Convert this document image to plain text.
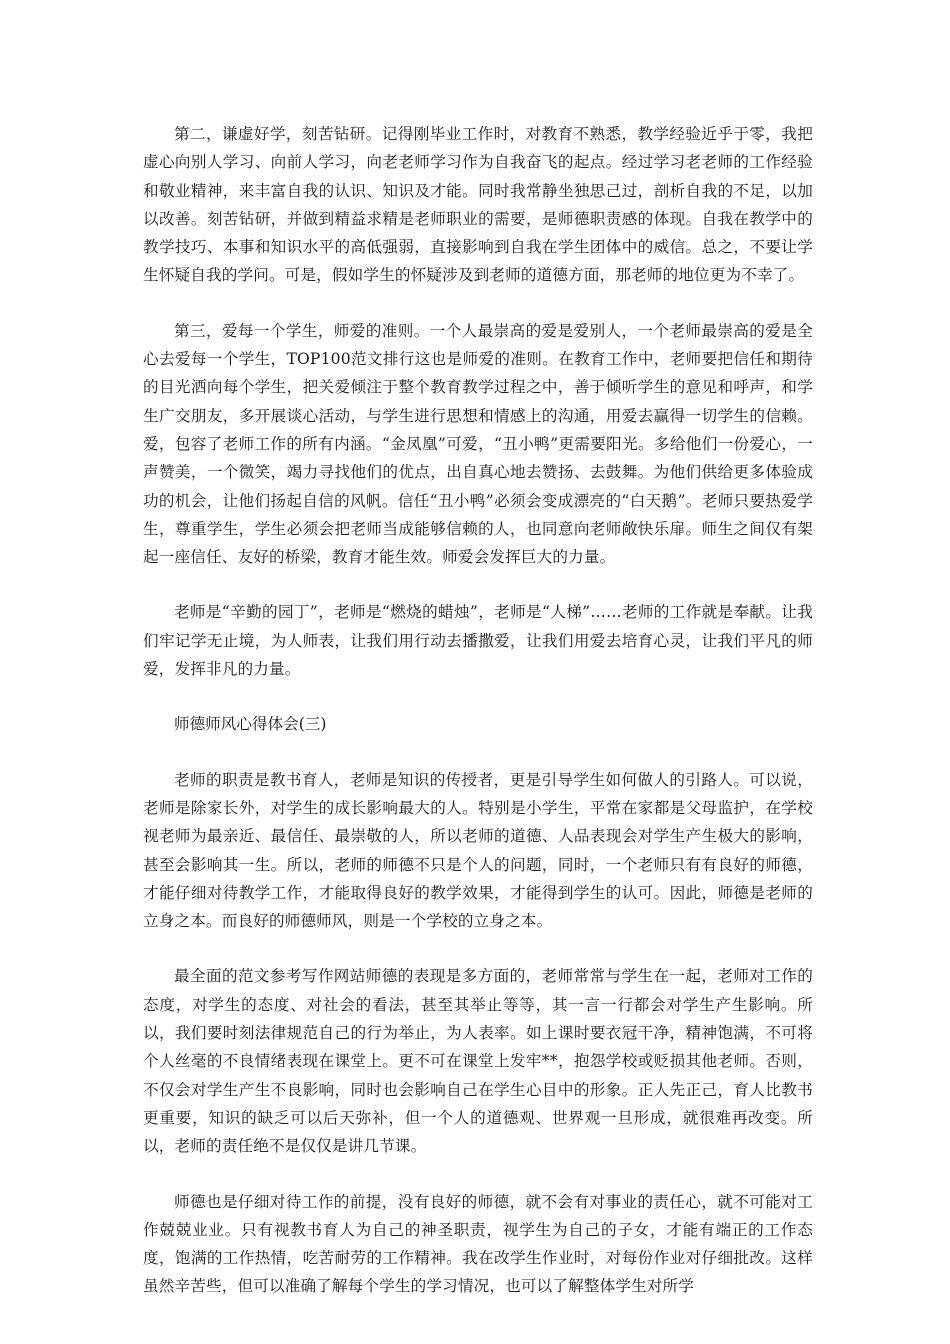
第二，谦虚好学，刻苦钻研。记得刚毕业工作时，对教育不熟悉，教学经验近乎于零，我把虚心向别人学习、向前人学习，向老老师学习作为自我奋飞的起点。经过学习老老师的工作经验和敬业精神，来丰富自我的认识、知识及才能。同时我常静坐独思己过，剖析自我的不足，以加以改善。刻苦钻研，并做到精益求精是老师职业的需要，是师德职责感的体现。自我在教学中的教学技巧、本事和知识水平的高低强弱，直接影响到自我在学生团体中的威信。总之，不要让学生怀疑自我的学问。可是，假如学生的怀疑涉及到老师的道德方面，那老师的地位更为不幸了。

第三，爱每一个学生，师爱的准则。一个人最崇高的爱是爱别人，一个老师最崇高的爱是全心去爱每一个学生，TOP100范文排行这也是师爱的准则。在教育工作中，老师要把信任和期待的目光洒向每个学生，把关爱倾注于整个教育教学过程之中，善于倾听学生的意见和呼声，和学生广交朋友，多开展谈心活动，与学生进行思想和情感上的沟通，用爱去赢得一切学生的信赖。爱，包容了老师工作的所有内涵。“金凤凰”可爱，“丑小鸭”更需要阳光。多给他们一份爱心，一声赞美，一个微笑，竭力寻找他们的优点，出自真心地去赞扬、去鼓舞。为他们供给更多体验成功的机会，让他们扬起自信的风帆。信任“丑小鸭”必须会变成漂亮的“白天鹅”。老师只要热爱学生，尊重学生，学生必须会把老师当成能够信赖的人，也同意向老师敞快乐扉。师生之间仅有架起一座信任、友好的桥梁，教育才能生效。师爱会发挥巨大的力量。

老师是“辛勤的园丁”，老师是“燃烧的蜡烛”，老师是“人梯”……老师的工作就是奉献。让我们牢记学无止境，为人师表，让我们用行动去播撒爱，让我们用爱去培育心灵，让我们平凡的师爱，发挥非凡的力量。

师德师风心得体会(三)

老师的职责是教书育人，老师是知识的传授者，更是引导学生如何做人的引路人。可以说，老师是除家长外，对学生的成长影响最大的人。特别是小学生，平常在家都是父母监护，在学校视老师为最亲近、最信任、最崇敬的人，所以老师的道德、人品表现会对学生产生极大的影响，甚至会影响其一生。所以，老师的师德不只是个人的问题，同时，一个老师只有有良好的师德，才能仔细对待教学工作，才能取得良好的教学效果，才能得到学生的认可。因此，师德是老师的立身之本。而良好的师德师风，则是一个学校的立身之本。

最全面的范文参考写作网站师德的表现是多方面的，老师常常与学生在一起，老师对工作的态度，对学生的态度、对社会的看法，甚至其举止等等，其一言一行都会对学生产生影响。所以，我们要时刻法律规范自己的行为举止，为人表率。如上课时要衣冠干净，精神饱满，不可将个人丝毫的不良情绪表现在课堂上。更不可在课堂上发牢**，抱怨学校或贬损其他老师。否则，不仅会对学生产生不良影响，同时也会影响自己在学生心目中的形象。正人先正己，育人比教书更重要，知识的缺乏可以后天弥补，但一个人的道德观、世界观一旦形成，就很难再改变。所以，老师的责任绝不是仅仅是讲几节课。

师德也是仔细对待工作的前提，没有良好的师德，就不会有对事业的责任心，就不可能对工作兢兢业业。只有视教书育人为自己的神圣职责，视学生为自己的子女，才能有端正的工作态度，饱满的工作热情，吃苦耐劳的工作精神。我在改学生作业时，对每份作业对仔细批改。这样虽然辛苦些，但可以准确了解每个学生的学习情况，也可以了解整体学生对所学
